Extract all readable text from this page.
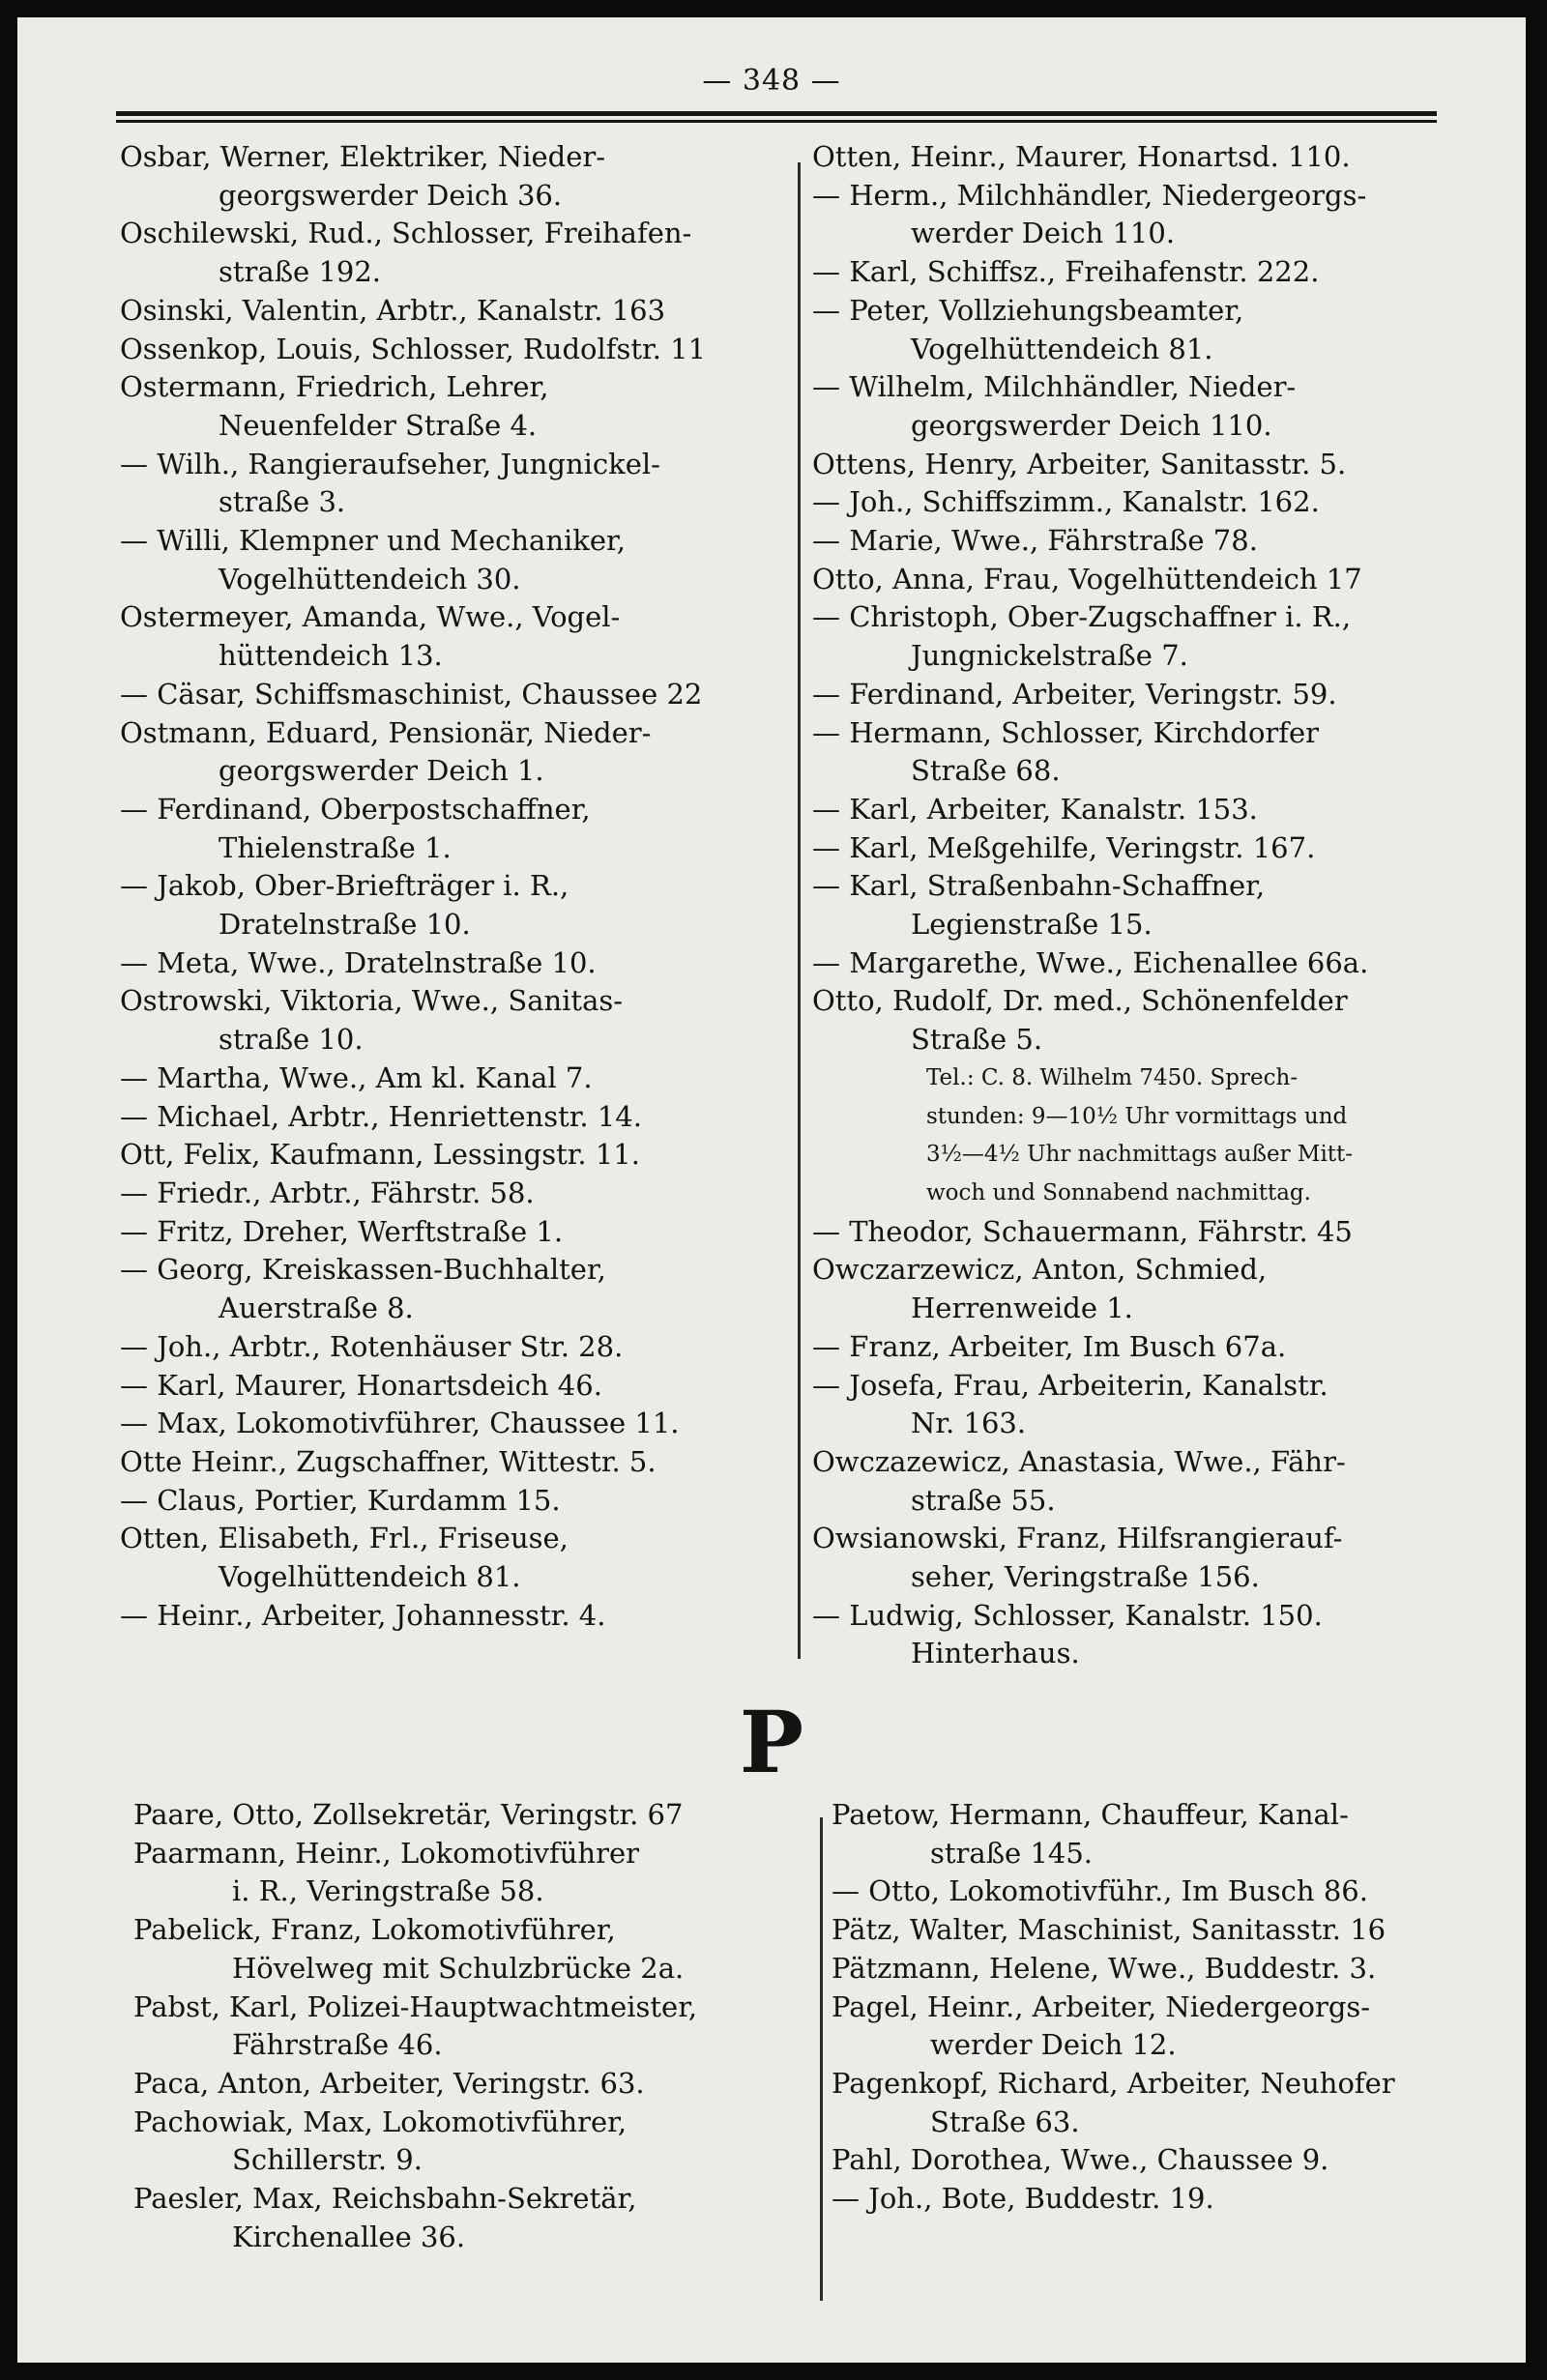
— 348 —
Osbar, Werner, Elektriker, Nieder-
georgswerder Deich 36.
Oschilewski, Rud., Schlosser, Freihafen-
straße 192.
Osinski, Valentin, Arbtr., Kanalstr. 163
Ossenkop, Louis, Schlosser, Rudolfstr. 11
Ostermann, Friedrich, Lehrer,
Neuenfelder Straße 4.
— Wilh., Rangieraufseher, Jungnickel-
straße 3.
— Willi, Klempner und Mechaniker,
Vogelhüttendeich 30.
Ostermeyer, Amanda, Wwe., Vogel-
hüttendeich 13.
— Cäsar, Schiffsmaschinist, Chaussee 22
Ostmann, Eduard, Pensionär, Nieder-
georgswerder Deich 1.
— Ferdinand, Oberpostschaffner,
Thielenstraße 1.
— Jakob, Ober-Briefträger i. R.,
Dratelnstraße 10.
— Meta, Wwe., Dratelnstraße 10.
Ostrowski, Viktoria, Wwe., Sanitas-
straße 10.
— Martha, Wwe., Am kl. Kanal 7.
— Michael, Arbtr., Henriettenstr. 14.
Ott, Felix, Kaufmann, Lessingstr. 11.
— Friedr., Arbtr., Fährstr. 58.
— Fritz, Dreher, Werftstraße 1.
— Georg, Kreiskassen-Buchhalter,
Auerstraße 8.
— Joh., Arbtr., Rotenhäuser Str. 28.
— Karl, Maurer, Honartsdeich 46.
— Max, Lokomotivführer, Chaussee 11.
Otte Heinr., Zugschaffner, Wittestr. 5.
— Claus, Portier, Kurdamm 15.
Otten, Elisabeth, Frl., Friseuse,
Vogelhüttendeich 81.
— Heinr., Arbeiter, Johannesstr. 4.
Otten, Heinr., Maurer, Honartsd. 110.
— Herm., Milchhändler, Niedergeorgs-
werder Deich 110.
— Karl, Schiffsz., Freihafenstr. 222.
— Peter, Vollziehungsbeamter,
Vogelhüttendeich 81.
— Wilhelm, Milchhändler, Nieder-
georgswerder Deich 110.
Ottens, Henry, Arbeiter, Sanitasstr. 5.
— Joh., Schiffszimm., Kanalstr. 162.
— Marie, Wwe., Fährstraße 78.
Otto, Anna, Frau, Vogelhüttendeich 17
— Christoph, Ober-Zugschaffner i. R.,
Jungnickelstraße 7.
— Ferdinand, Arbeiter, Veringstr. 59.
— Hermann, Schlosser, Kirchdorfer
Straße 68.
— Karl, Arbeiter, Kanalstr. 153.
— Karl, Meßgehilfe, Veringstr. 167.
— Karl, Straßenbahn-Schaffner,
Legienstraße 15.
— Margarethe, Wwe., Eichenallee 66a.
Otto, Rudolf, Dr. med., Schönenfelder
Straße 5.
Tel.: C. 8. Wilhelm 7450. Sprech-
stunden: 9—10½ Uhr vormittags und
3½—4½ Uhr nachmittags außer Mitt-
woch und Sonnabend nachmittag.
— Theodor, Schauermann, Fährstr. 45
Owczarzewicz, Anton, Schmied,
Herrenweide 1.
— Franz, Arbeiter, Im Busch 67a.
— Josefa, Frau, Arbeiterin, Kanalstr.
Nr. 163.
Owczazewicz, Anastasia, Wwe., Fähr-
straße 55.
Owsianowski, Franz, Hilfsrangierauf-
seher, Veringstraße 156.
— Ludwig, Schlosser, Kanalstr. 150.
Hinterhaus.
P
Paare, Otto, Zollsekretär, Veringstr. 67
Paarmann, Heinr., Lokomotivführer
i. R., Veringstraße 58.
Pabelick, Franz, Lokomotivführer,
Hövelweg mit Schulzbrücke 2a.
Pabst, Karl, Polizei-Hauptwachtmeister,
Fährstraße 46.
Paca, Anton, Arbeiter, Veringstr. 63.
Pachowiak, Max, Lokomotivführer,
Schillerstr. 9.
Paesler, Max, Reichsbahn-Sekretär,
Kirchenallee 36.
Paetow, Hermann, Chauffeur, Kanal-
straße 145.
— Otto, Lokomotivführ., Im Busch 86.
Pätz, Walter, Maschinist, Sanitasstr. 16
Pätzmann, Helene, Wwe., Buddestr. 3.
Pagel, Heinr., Arbeiter, Niedergeorgs-
werder Deich 12.
Pagenkopf, Richard, Arbeiter, Neuhofer
Straße 63.
Pahl, Dorothea, Wwe., Chaussee 9.
— Joh., Bote, Buddestr. 19.
